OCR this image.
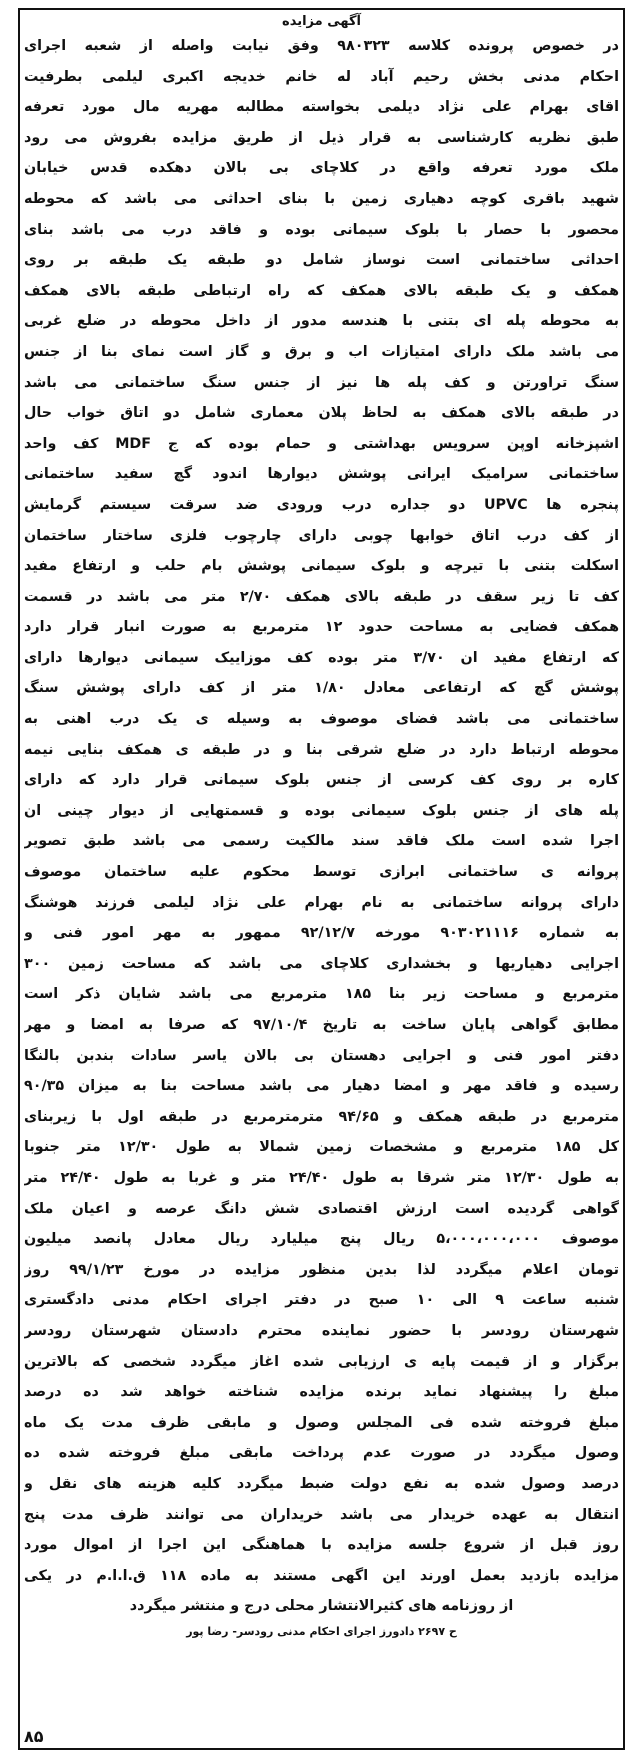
آگهی مزایده
در خصوص پرونده کلاسه ۹۸۰۳۲۳ وفق نیابت واصله از شعبه اجرای
احکام مدنی بخش رحیم آباد له خانم خدیجه اکبری لیلمی بطرفیت
اقای بهرام علی نژاد دیلمی بخواسته مطالبه مهریه مال مورد تعرفه
طبق نظریه کارشناسی به قرار ذیل از طریق مزایده بفروش می رود
ملک مورد تعرفه واقع در کلاچای بی بالان دهکده قدس خیابان
شهید باقری کوچه دهیاری زمین با بنای احداثی می باشد که محوطه
محصور با حصار با بلوک سیمانی بوده و فاقد درب می باشد بنای
احداثی ساختمانی است نوساز شامل دو طبقه یک طبقه بر روی
همکف و یک طبقه بالای همکف که راه ارتباطی طبقه بالای همکف
به محوطه پله ای بتنی با هندسه مدور از داخل محوطه در ضلع غربی
می باشد ملک دارای امتیازات اب و برق و گاز است نمای بنا از جنس
سنگ تراورتن و کف پله ها نیز از جنس سنگ ساختمانی می باشد
در طبقه بالای همکف به لحاظ پلان معماری شامل دو اتاق خواب حال
اشپزخانه اوپن سرویس بهداشتی و حمام بوده که ج MDF کف واحد
ساختمانی سرامیک ایرانی پوشش دیوارها اندود گچ سفید ساختمانی
پنجره ها UPVC دو جداره درب ورودی ضد سرقت سیستم گرمایش
از کف درب اتاق خوابها چوبی دارای چارچوب فلزی ساختار ساختمان
اسکلت بتنی با تیرچه و بلوک سیمانی پوشش بام حلب و ارتفاع مفید
کف تا زیر سقف در طبقه بالای همکف ۲/۷۰ متر می باشد در قسمت
همکف فضایی به مساحت حدود ۱۲ مترمربع به صورت انبار قرار دارد
که ارتفاع مفید ان ۳/۷۰ متر بوده کف موزاییک سیمانی دیوارها دارای
پوشش گچ که ارتفاعی معادل ۱/۸۰ متر از کف دارای پوشش سنگ
ساختمانی می باشد فضای موصوف به وسیله ی یک درب اهنی به
محوطه ارتباط دارد در ضلع شرقی بنا و در طبقه ی همکف بنایی نیمه
کاره بر روی کف کرسی از جنس بلوک سیمانی قرار دارد که دارای
پله های از جنس بلوک سیمانی بوده و قسمتهایی از دیوار چینی ان
اجرا شده است ملک فاقد سند مالکیت رسمی می باشد طبق تصویر
پروانه ی ساختمانی ابرازی توسط محکوم علیه ساختمان موصوف
دارای پروانه ساختمانی به نام بهرام علی نژاد لیلمی فرزند هوشنگ
به شماره ۹۰۳۰۲۱۱۱۶ مورخه ۹۲/۱۲/۷ ممهور به مهر امور فنی و
اجرایی دهیاریها و بخشداری کلاچای می باشد که مساحت زمین ۳۰۰
مترمربع و مساحت زیر بنا ۱۸۵ مترمربع می باشد شایان ذکر است
مطابق گواهی پایان ساخت به تاریخ ۹۷/۱۰/۴ که صرفا به امضا و مهر
دفتر امور فنی و اجرایی دهستان بی بالان یاسر سادات بندبن بالنگا
رسیده و فاقد مهر و امضا دهیار می باشد مساحت بنا به میزان ۹۰/۳۵
مترمربع در طبقه همکف و ۹۴/۶۵ مترمترمربع در طبقه اول با زیربنای
کل ۱۸۵ مترمربع و مشخصات زمین شمالا به طول ۱۲/۳۰ متر جنوبا
به طول ۱۲/۳۰ متر شرقا به طول ۲۴/۴۰ متر و غربا به طول ۲۴/۴۰ متر
گواهی گردیده است ارزش اقتصادی شش دانگ عرصه و اعیان ملک
موصوف ۵،۰۰۰،۰۰۰،۰۰۰ ریال پنج میلیارد ریال معادل پانصد میلیون
تومان اعلام میگردد لذا بدین منظور مزایده در مورخ ۹۹/۱/۲۳ روز
شنبه ساعت ۹ الی ۱۰ صبح در دفتر اجرای احکام مدنی دادگستری
شهرستان رودسر با حضور نماینده محترم دادستان شهرستان رودسر
برگزار و از قیمت پایه ی ارزیابی شده اغاز میگردد شخصی که بالاترین
مبلغ را پیشنهاد نماید برنده مزایده شناخته خواهد شد ده درصد
مبلغ فروخته شده فی المجلس وصول و مابقی ظرف مدت یک ماه
وصول میگردد در صورت عدم پرداخت مابقی مبلغ فروخته شده ده
درصد وصول شده به نفع دولت ضبط میگردد کلیه هزینه های نقل و
انتقال به عهده خریدار می باشد خریداران می توانند ظرف مدت پنج
روز قبل از شروع جلسه مزایده با هماهنگی این اجرا از اموال مورد
مزایده بازدید بعمل اورند این اگهی مستند به ماده ۱۱۸ ق.ا.ا.م در یکی
از روزنامه های کثیرالانتشار محلی درج و منتشر میگردد
ح ۲۶۹۷ دادورز اجرای احکام مدنی رودسر- رضا پور
۸۵
